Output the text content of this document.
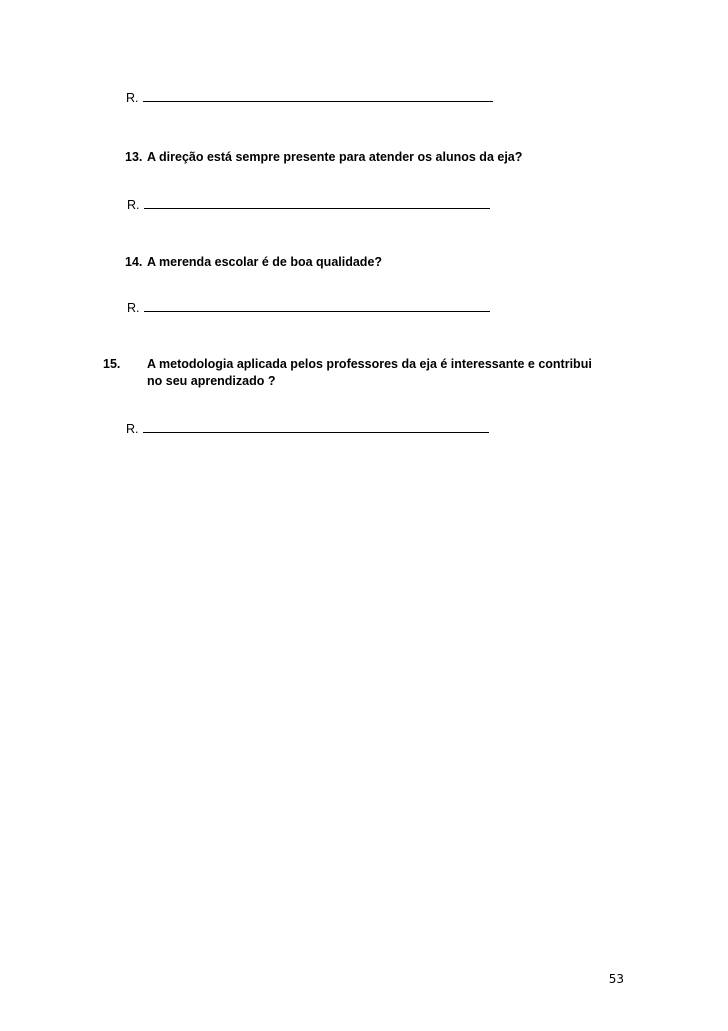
R.
13. A direção está sempre presente para atender os alunos da eja?
R.
14. A merenda escolar é de boa qualidade?
R.
15. A metodologia aplicada pelos professores da eja é interessante e contribui no seu aprendizado ?
R.
53
